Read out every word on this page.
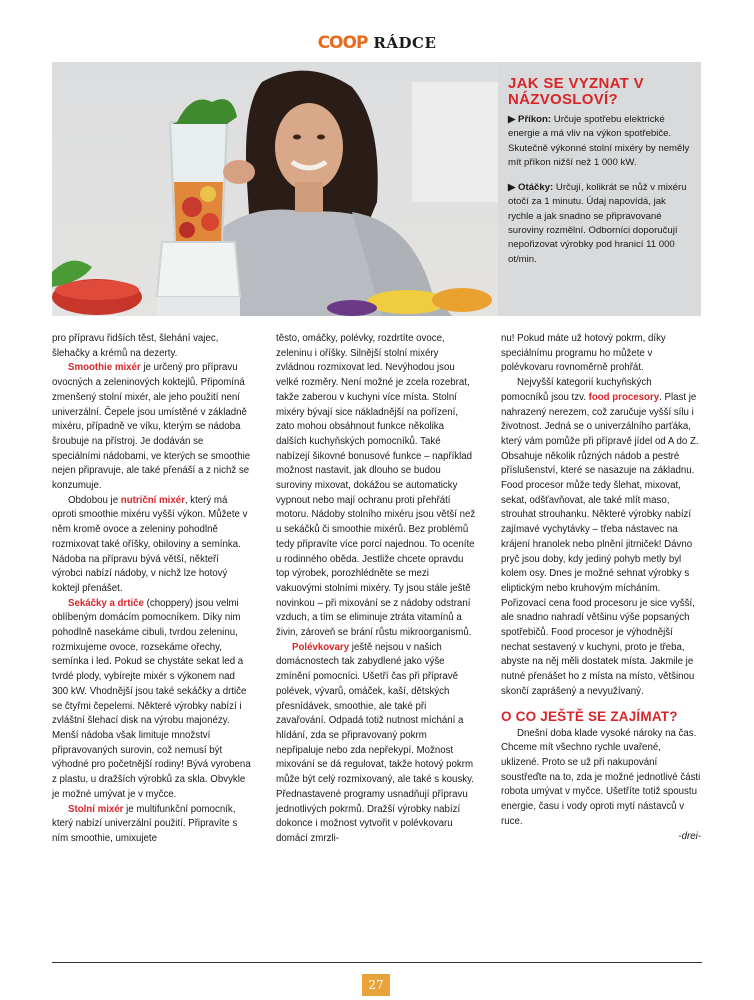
COOP RÁDCE
JAK SE VYZNAT V NÁZVOSLOVÍ?

▶ Příkon: Určuje spotřebu elektrické energie a má vliv na výkon spotřebiče. Skutečně výkonné stolní mixéry by neměly mít příkon nižší než 1 000 kW.

▶ Otáčky: Určují, kolikrát se nůž v mixéru otočí za 1 minutu. Údaj napovídá, jak rychle a jak snadno se připravované suroviny rozmělní. Odborníci doporučují nepořizovat výrobky pod hranicí 11 000 ot/min.

pro přípravu řidších těst, šlehání vajec, šlehačky a krémů na dezerty.

Smoothie mixér je určený pro přípravu ovocných a zeleninových koktejlů. Připomíná zmenšený stolní mixér, ale jeho použití není univerzální. Čepele jsou umístěné v základně mixéru, případně ve víku, kterým se nádoba šroubuje na přístroj. Je dodáván se speciálními nádobami, ve kterých se smoothie nejen připravuje, ale také přenáší a z nichž se konzumuje.

Obdobou je nutriční mixér, který má oproti smoothie mixéru vyšší výkon. Můžete v něm kromě ovoce a zeleniny pohodlně rozmixovat také oříšky, obiloviny a semínka. Nádoba na přípravu bývá větší, někteří výrobci nabízí nádoby, v nichž lze hotový koktejl přenášet.

Sekáčky a drtiče (choppery) jsou velmi oblíbeným domácím pomocníkem. Díky nim pohodlně nasekáme cibuli, tvrdou zeleninu, rozmixujeme ovoce, rozsekáme ořechy, semínka i led. Pokud se chystáte sekat led a tvrdé plody, vybírejte mixér s výkonem nad 300 kW. Vhodnější jsou také sekáčky a drtiče se čtyřmi čepelemi. Některé výrobky nabízí i zvláštní šlehací disk na výrobu majonézy. Menší nádoba však limituje množství připravovaných surovin, což nemusí být výhodné pro početnější rodiny! Bývá vyrobena z plastu, u dražších výrobků za skla. Obvykle je možné umývat je v myčce.

Stolní mixér je multifunkční pomocník, který nabízí univerzální použití. Připravíte s ním smoothie, umixujete

těsto, omáčky, polévky, rozdrtíte ovoce, zeleninu i oříšky. Silnější stolní mixéry zvládnou rozmixovat led. Nevýhodou jsou velké rozměry. Není možné je zcela rozebrat, takže zaberou v kuchyni více místa. Stolní mixéry bývají sice nákladnější na pořízení, zato mohou obsáhnout funkce několika dalších kuchyňských pomocníků. Také nabízejí šikovné bonusové funkce – například možnost nastavit, jak dlouho se budou suroviny mixovat, dokážou se automaticky vypnout nebo mají ochranu proti přehřátí motoru. Nádoby stolního mixéru jsou větší než u sekáčků či smoothie mixérů. Bez problémů tedy připravíte více porcí najednou. To oceníte u rodinného oběda. Jestliže chcete opravdu top výrobek, porozhlédněte se mezi vakuovými stolními mixéry. Ty jsou stále ještě novinkou – při mixování se z nádoby odstraní vzduch, a tím se eliminuje ztráta vitamínů a živin, zároveň se brání růstu mikroorganismů.

Polévkovary ještě nejsou v našich domácnostech tak zabydlené jako výše zmínění pomocníci. Ušetří čas při přípravě polévek, vývarů, omáček, kaší, dětských přesnídávek, smoothie, ale také při zavařování. Odpadá totiž nutnost míchání a hlídání, zda se připravovaný pokrm nepřipaluje nebo zda nepřekypí. Možnost mixování se dá regulovat, takže hotový pokrm může být celý rozmixovaný, ale také s kousky. Přednastavené programy usnadňují přípravu jednotlivých pokrmů. Dražší výrobky nabízí dokonce i možnost vytvořit v polévkovaru domácí zmrzli-

nu! Pokud máte už hotový pokrm, díky speciálnímu programu ho můžete v polévkovaru rovnoměrně prohřát.

Nejvyšší kategorií kuchyňských pomocníků jsou tzv. food procesory. Plast je nahrazený nerezem, což zaručuje vyšší sílu i životnost. Jedná se o univerzálního parťáka, který vám pomůže při přípravě jídel od A do Z. Obsahuje několik různých nádob a pestré příslušenství, které se nasazuje na základnu. Food procesor může tedy šlehat, mixovat, sekat, odšťavňovat, ale také mlít maso, strouhat strouhanku. Některé výrobky nabízí zajímavé vychytávky – třeba nástavec na krájení hranolek nebo plnění jitrniček! Dávno pryč jsou doby, kdy jediný pohyb metly byl kolem osy. Dnes je možné sehnat výrobky s eliptickým nebo kruhovým mícháním. Pořizovací cena food procesoru je sice vyšší, ale snadno nahradí většinu výše popsaných spotřebičů. Food procesor je výhodnější nechat sestavený v kuchyni, proto je třeba, abyste na něj měli dostatek místa. Jakmile je nutné přenášet ho z místa na místo, většinou skončí zaprášený a nevyužívaný.

O CO JEŠTĚ SE ZAJÍMAT?

Dnešní doba klade vysoké nároky na čas. Chceme mít všechno rychle uvařené, uklizené. Proto se už při nakupování soustřeďte na to, zda je možné jednotlivé části robota umývat v myčce. Ušetříte totiž spoustu energie, času i vody oproti mytí nástavců v ruce.

-drei-

27
